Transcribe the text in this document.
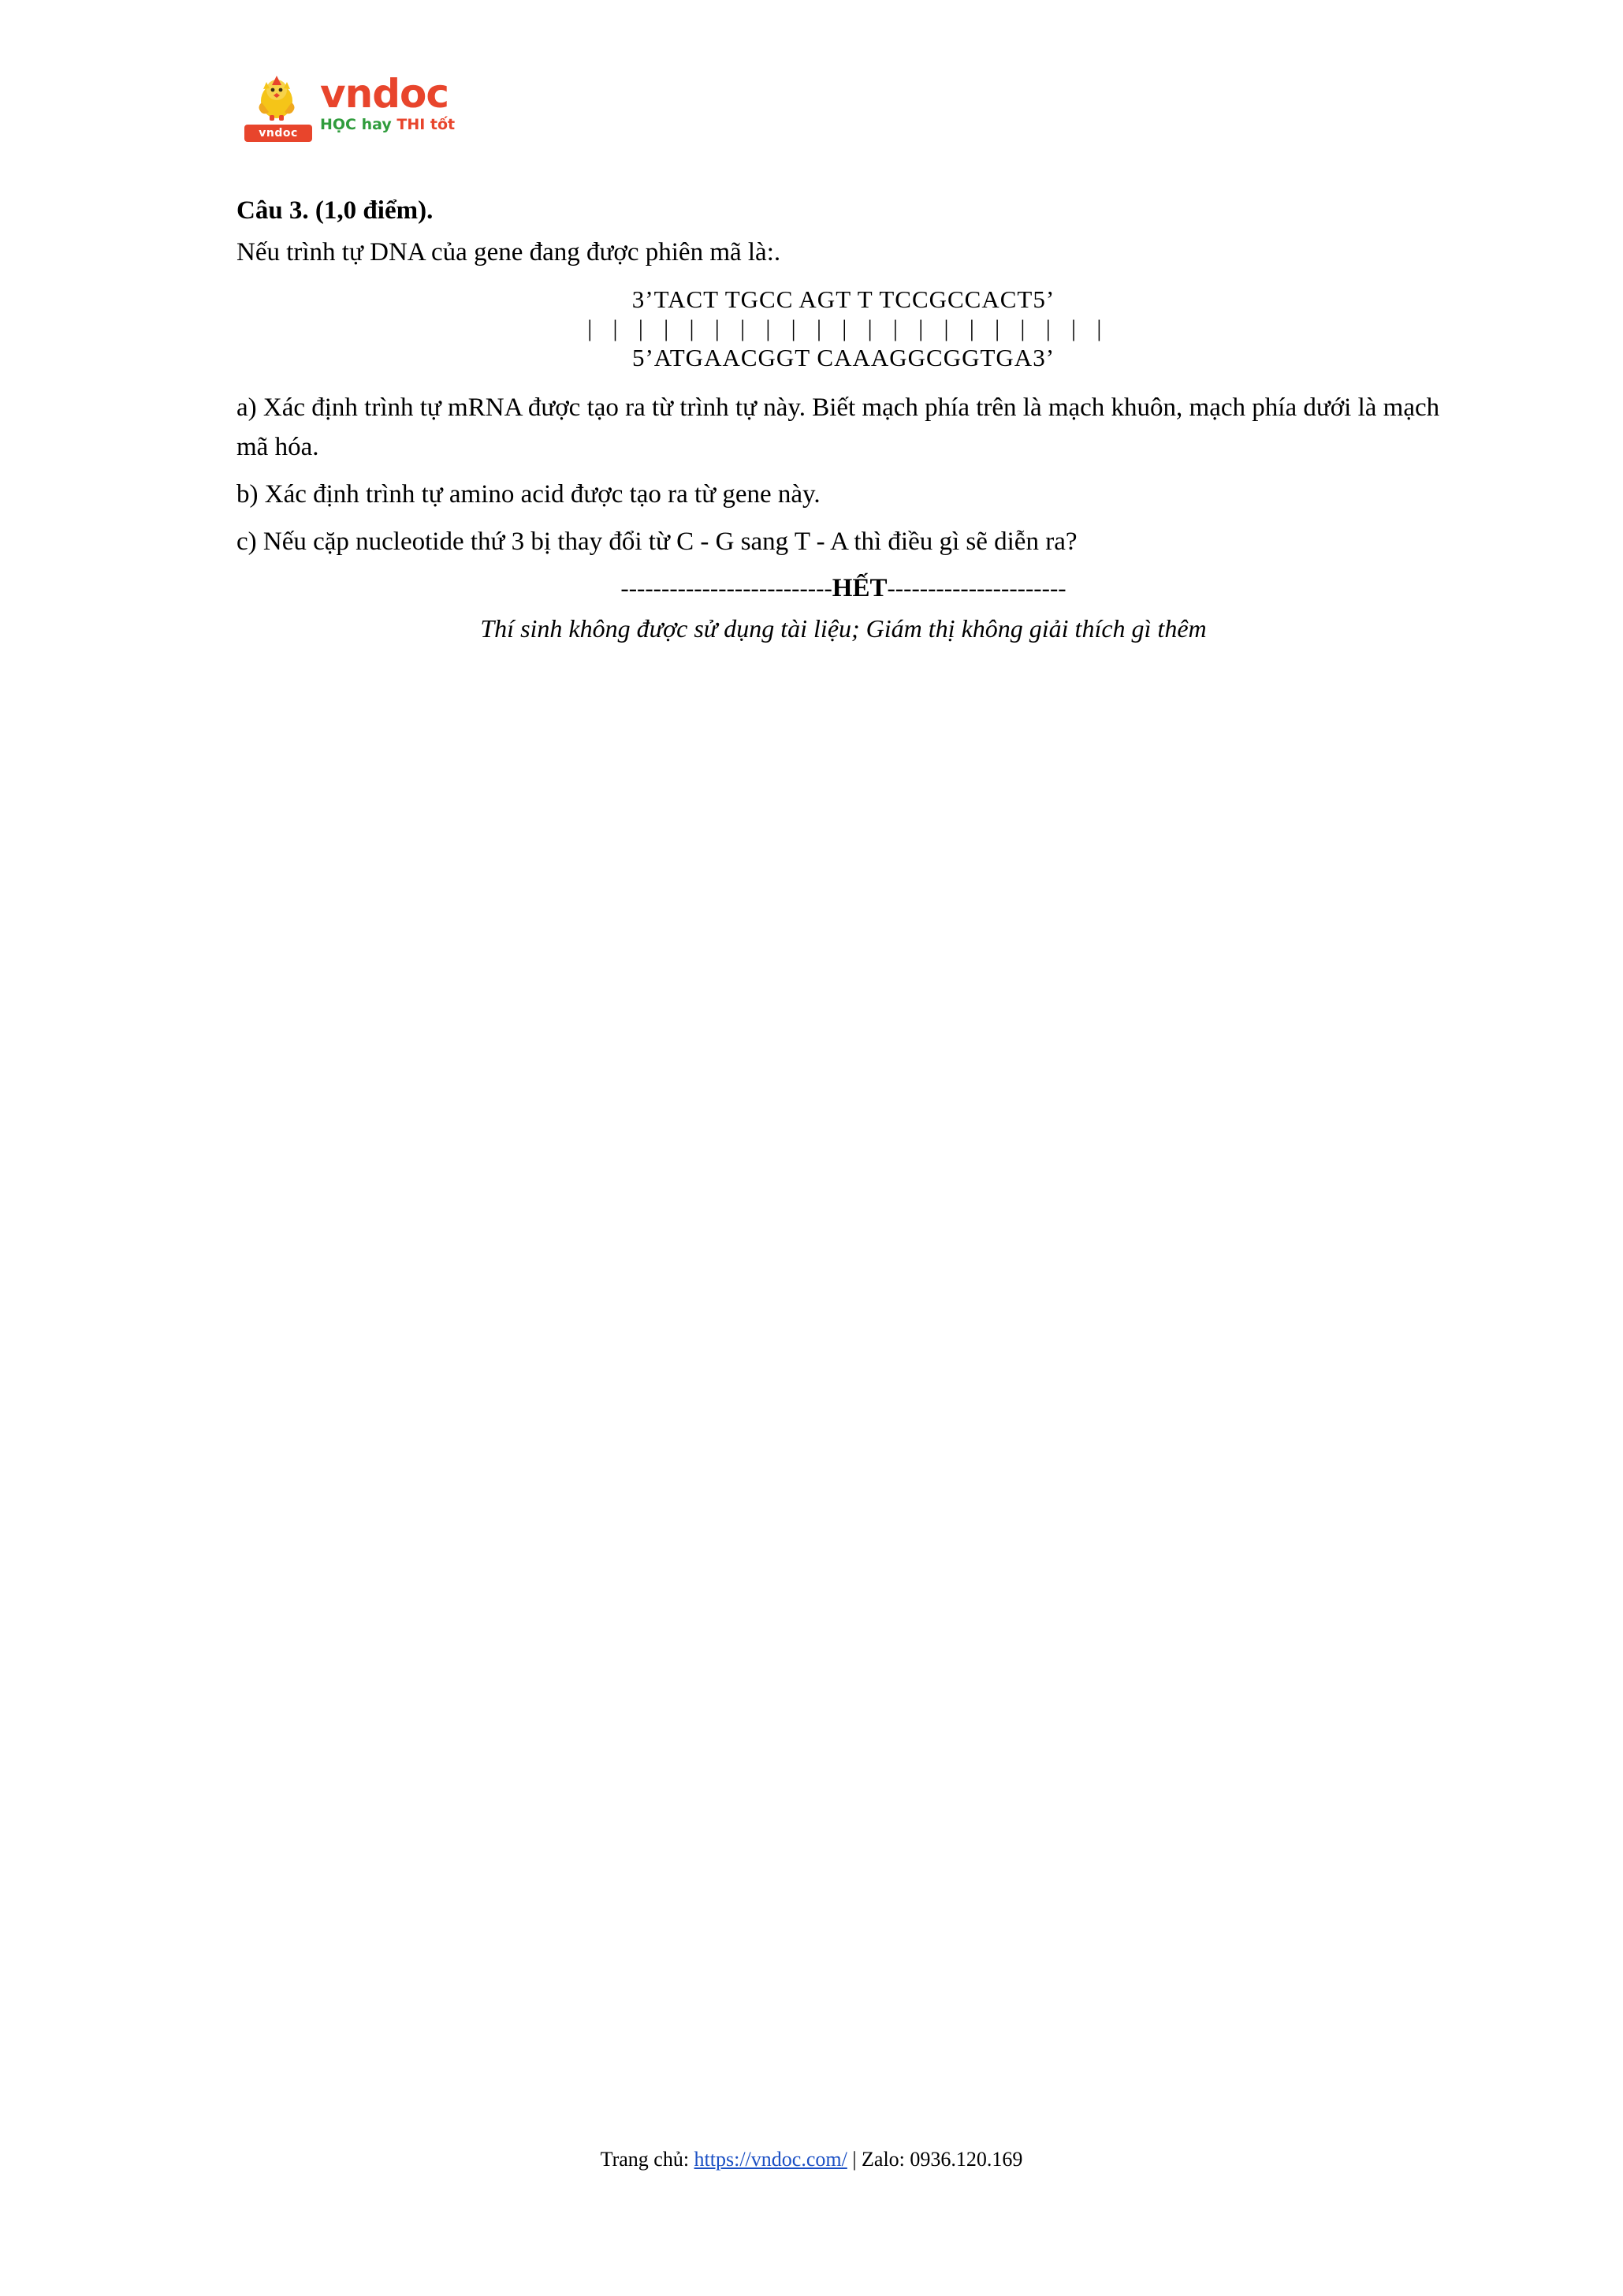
vndoc
vndoc
HỌC hay THI tốt

Câu 3. (1,0 điểm).

Nếu trình tự DNA của gene đang được phiên mã là:.

3’TACT TGCC AGT T TCCGCCACT5’
| | | | | | | | | | | | | | | | | | | | |
5’ATGAACGGT CAAAGGCGGTGA3’

a) Xác định trình tự mRNA được tạo ra từ trình tự này. Biết mạch phía trên là mạch khuôn, mạch phía dưới là mạch mã hóa.

b) Xác định trình tự amino acid được tạo ra từ gene này.

c) Nếu cặp nucleotide thứ 3 bị thay đổi từ C - G sang T - A thì điều gì sẽ diễn ra?

--------------------------HẾT----------------------

Thí sinh không được sử dụng tài liệu; Giám thị không giải thích gì thêm

Trang chủ: https://vndoc.com/ | Zalo: 0936.120.169
